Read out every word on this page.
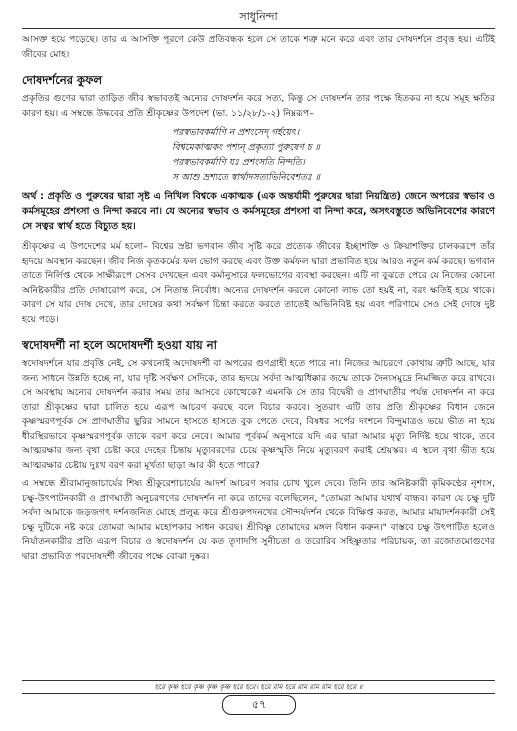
সাধুনিন্দা

আসক্ত হয়ে পড়েছে। তার এ আসক্তি পূরণে কেউ প্রতিবন্ধক হলে সে তাকে শত্রু মনে করে এবং তার দোষদর্শনে প্রবৃত্ত হয়। এটিই জীবের মোহ।

দোষদর্শনের কুফল

প্রকৃতির গুণের দ্বারা তাড়িত জীব স্বভাবতই অন্যের দোষদর্শন করে সত্য, কিন্তু সে দোষদর্শন তার পক্ষে হিতকর না হয়ে সমূহ ক্ষতির কারণ হয়। এ সম্বন্ধে উদ্ধবের প্রতি শ্রীকৃষ্ণের উপদেশ (ভা. ১১/২৮/১-২) নিম্নরূপ–

পরস্বভাবকর্মাণি ন প্রশংসেদ্ গর্হয়েৎ।
বিশ্বমেকাত্মকং পশ্যন্ প্রকৃত্যা পুরুষেণ চ ॥
পরস্বভাবকর্মাণি যঃ প্রশংসতি নিন্দতি।
স আশু ভ্রশ্যতে স্বার্থাদসত্যভিনিবেশতঃ ॥

অর্থ : প্রকৃতি ও পুরুষের দ্বারা সৃষ্ট এ নিখিল বিশ্বকে একাত্মক (এক অন্তর্যামী পুরুষের দ্বারা নিয়ন্ত্রিত) জেনে অপরের স্বভাব ও কর্মসমূহের প্রশংসা ও নিন্দা করবে না। যে অন্যের স্বভাব ও কর্মসমূহের প্রশংসা বা নিন্দা করে, অসৎবস্তুতে অভিনিবেশের কারণে সে সত্বর স্বার্থ হতে বিচ্যুত হয়।

শ্রীকৃষ্ণের এ উপদেশের মর্ম হলো– বিশ্বের স্রষ্টা ভগবান জীব সৃষ্টি করে প্রত্যেক জীবের ইচ্ছাশক্তি ও ক্রিয়াশক্তির চালকরূপে তাঁর হৃদয়ে অবস্থান করছেন। জীব নিজ কৃতকর্মের ফল ভোগ করছে এবং উক্ত কর্মফল দ্বারা প্রভাবিত হয়ে আরও নতুন কর্ম করছে। ভগবান তাতে নির্লিপ্ত থেকে সাক্ষীরূপে সেসব দেখছেন এবং কর্মানুসারে ফলভোগের ব্যবস্থা করছেন। এটি না বুঝতে পেরে যে নিজের কোনো অনিষ্টকারীর প্রতি দোষারোপ করে, সে নিতান্ত নির্বোধ। অন্যের দোষদর্শন করলে কোনো লাভ তো হয়ই না, বরং ক্ষতিই হয়ে থাকে। কারণ সে যার দোষ দেখে, তার দোষের কথা সর্বক্ষণ চিন্তা করতে করতে তাতেই অভিনিবিষ্ট হয় এবং পরিণামে সেও সেই দোষে দুষ্ট হয়ে পড়ে।

স্বদোষদর্শী না হলে অদোষদর্শী হওয়া যায় না

স্বদোষদর্শনে যার প্রবৃত্তি নেই, সে কখনোই অদোষদর্শী বা অপরের গুণগ্রাহী হতে পারে না। নিজের আচরণে কোথায় ত্রুটি আছে, যার জন্য সাধনে উন্নতি হচ্ছে না, যার দৃষ্টি সর্বক্ষণ সেদিকে, তার হৃদয়ে সর্বদা আত্মধিক্কার জন্মে তাকে দৈন্যসমুদ্রে নিমজ্জিত করে রাখবে। সে অবস্থায় অন্যের দোষদর্শন করার সময় তার আসবে কোত্থেকে? এমনকি সে তার বিদ্বেষী ও প্রাণঘাতীর পর্যন্ত দোষদর্শন না করে তারা শ্রীকৃষ্ণের দ্বারা চালিত হয়ে এরূপ আচরণ করছে বলে বিচার করবে। সুতরাং এটি তার প্রতি শ্রীকৃষ্ণের বিধান জেনে কৃষ্ণস্মরণপূর্বক সে প্রাণঘাতীর ছুরির সামনে হাসতে হাসতে বুক পেতে দেবে, বিষধর সর্পের দংশনে বিন্দুমাত্রও ভয়ে ভীত না হয়ে ধীরস্থিরভাবে কৃষ্ণস্মরণপূর্বক তাকে বরণ করে নেবে। আমার পূর্বকর্ম অনুসারে যদি এর দ্বারা আমার মৃত্যু নির্দিষ্ট হয়ে থাকে, তবে আত্মরক্ষার জন্য বৃথা চেষ্টা করে দেহের চিন্তায় মৃত্যুবরণের চেয়ে কৃষ্ণস্মৃতি নিয়ে মৃত্যুবরণ করাই শ্রেয়স্কর। এ স্থলে বৃথা ভীত হয়ে আত্মরক্ষার চেষ্টায় দুঃখ বরণ করা মূর্খতা ছাড়া আর কী হতে পারে?

এ সম্বন্ধে শ্রীরামানুজাচার্যের শিষ্য শ্রীকুরেশাচার্যের আদর্শ আচরণ সবার চোখ খুলে দেবে। তিনি তার অনিষ্টকারী কৃমিকণ্ঠের নৃশংস, চক্ষু-উৎপাটনকারী ও প্রাণঘাতী অনুচরগণের দোষদর্শন না করে তাদের বলেছিলেন, "তোমরা আমার যথার্থ বান্ধব। কারণ যে চক্ষু দুটি সর্বদা আমাকে জড়জগৎ দর্শনজনিত মোহে প্রলুব্ধ করে শ্রীগুরুপদনখের সৌন্দর্যদর্শন থেকে বিক্ষিপ্ত করত, আমার মায়াদর্শনকারী সেই চক্ষু দুটিকে নষ্ট করে তোমরা আমার মহোপকার সাধন করেছ। শ্রীবিষ্ণু তোমাদের মঙ্গল বিধান করুন।" বাস্তবে চক্ষু উৎপাটিত হলেও নির্যাতনকারীর প্রতি এরূপ বিচার ও স্বদোষদর্শন যে কত তৃণাদপি সুনীচতা ও তরোরিব সহিষ্ণুতার পরিচায়ক, তা রজোতমোগুণের দ্বারা প্রভাবিত পরদোষদর্শী জীবের পক্ষে বোঝা দুষ্কর।

হরে কৃষ্ণ হরে কৃষ্ণ কৃষ্ণ কৃষ্ণ হরে হরে। হরে রাম হরে রাম রাম রাম হরে হরে ॥
৫৭
